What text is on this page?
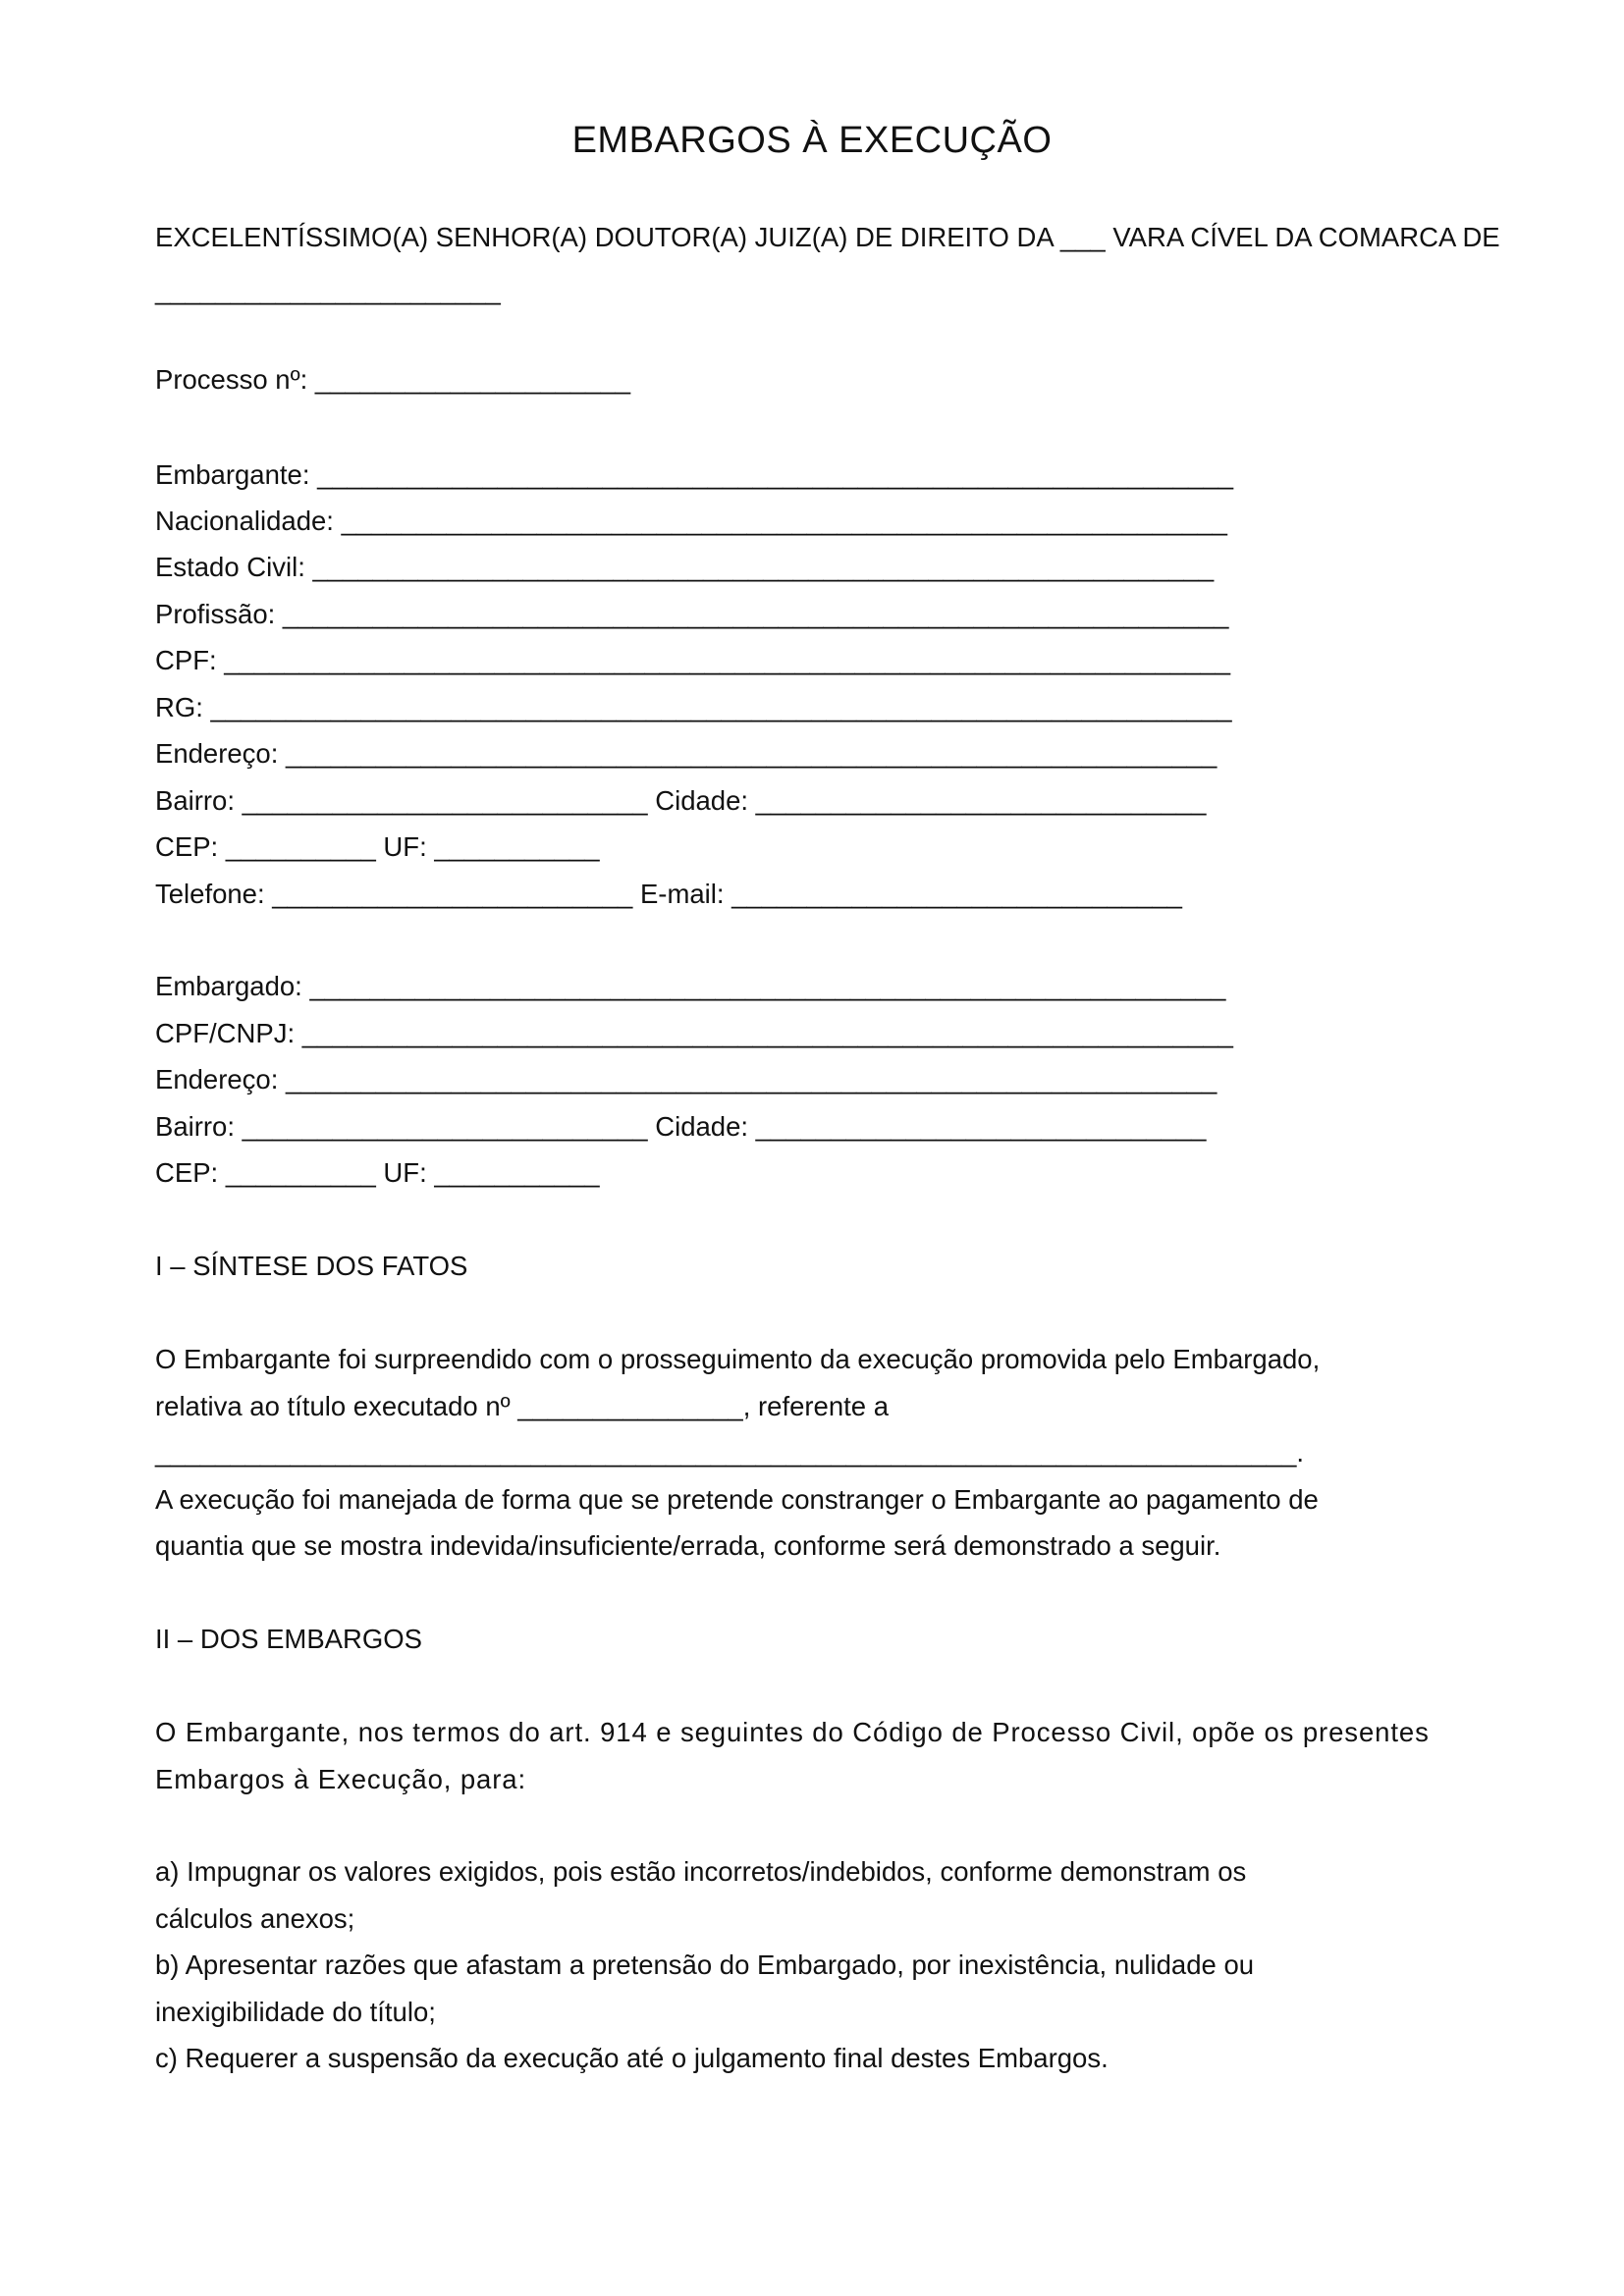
EMBARGOS À EXECUÇÃO
EXCELENTÍSSIMO(A) SENHOR(A) DOUTOR(A) JUIZ(A) DE DIREITO DA ___ VARA CÍVEL DA COMARCA DE
_______________________
Processo nº: _____________________
Embargante: _____________________________________________________________
Nacionalidade: ___________________________________________________________
Estado Civil: ____________________________________________________________
Profissão: _______________________________________________________________
CPF: ___________________________________________________________________
RG: ____________________________________________________________________
Endereço: ______________________________________________________________
Bairro: ___________________________ Cidade: ______________________________
CEP: __________ UF: ___________
Telefone: ________________________ E-mail: ______________________________
Embargado: _____________________________________________________________
CPF/CNPJ: ______________________________________________________________
Endereço: ______________________________________________________________
Bairro: ___________________________ Cidade: ______________________________
CEP: __________ UF: ___________
I – SÍNTESE DOS FATOS
O Embargante foi surpreendido com o prosseguimento da execução promovida pelo Embargado,
relativa ao título executado nº _______________, referente a
____________________________________________________________________________.
A execução foi manejada de forma que se pretende constranger o Embargante ao pagamento de
quantia que se mostra indevida/insuficiente/errada, conforme será demonstrado a seguir.
II – DOS EMBARGOS
O Embargante, nos termos do art. 914 e seguintes do Código de Processo Civil, opõe os presentes
Embargos à Execução, para:
a) Impugnar os valores exigidos, pois estão incorretos/indebidos, conforme demonstram os
cálculos anexos;
b) Apresentar razões que afastam a pretensão do Embargado, por inexistência, nulidade ou
inexigibilidade do título;
c) Requerer a suspensão da execução até o julgamento final destes Embargos.
